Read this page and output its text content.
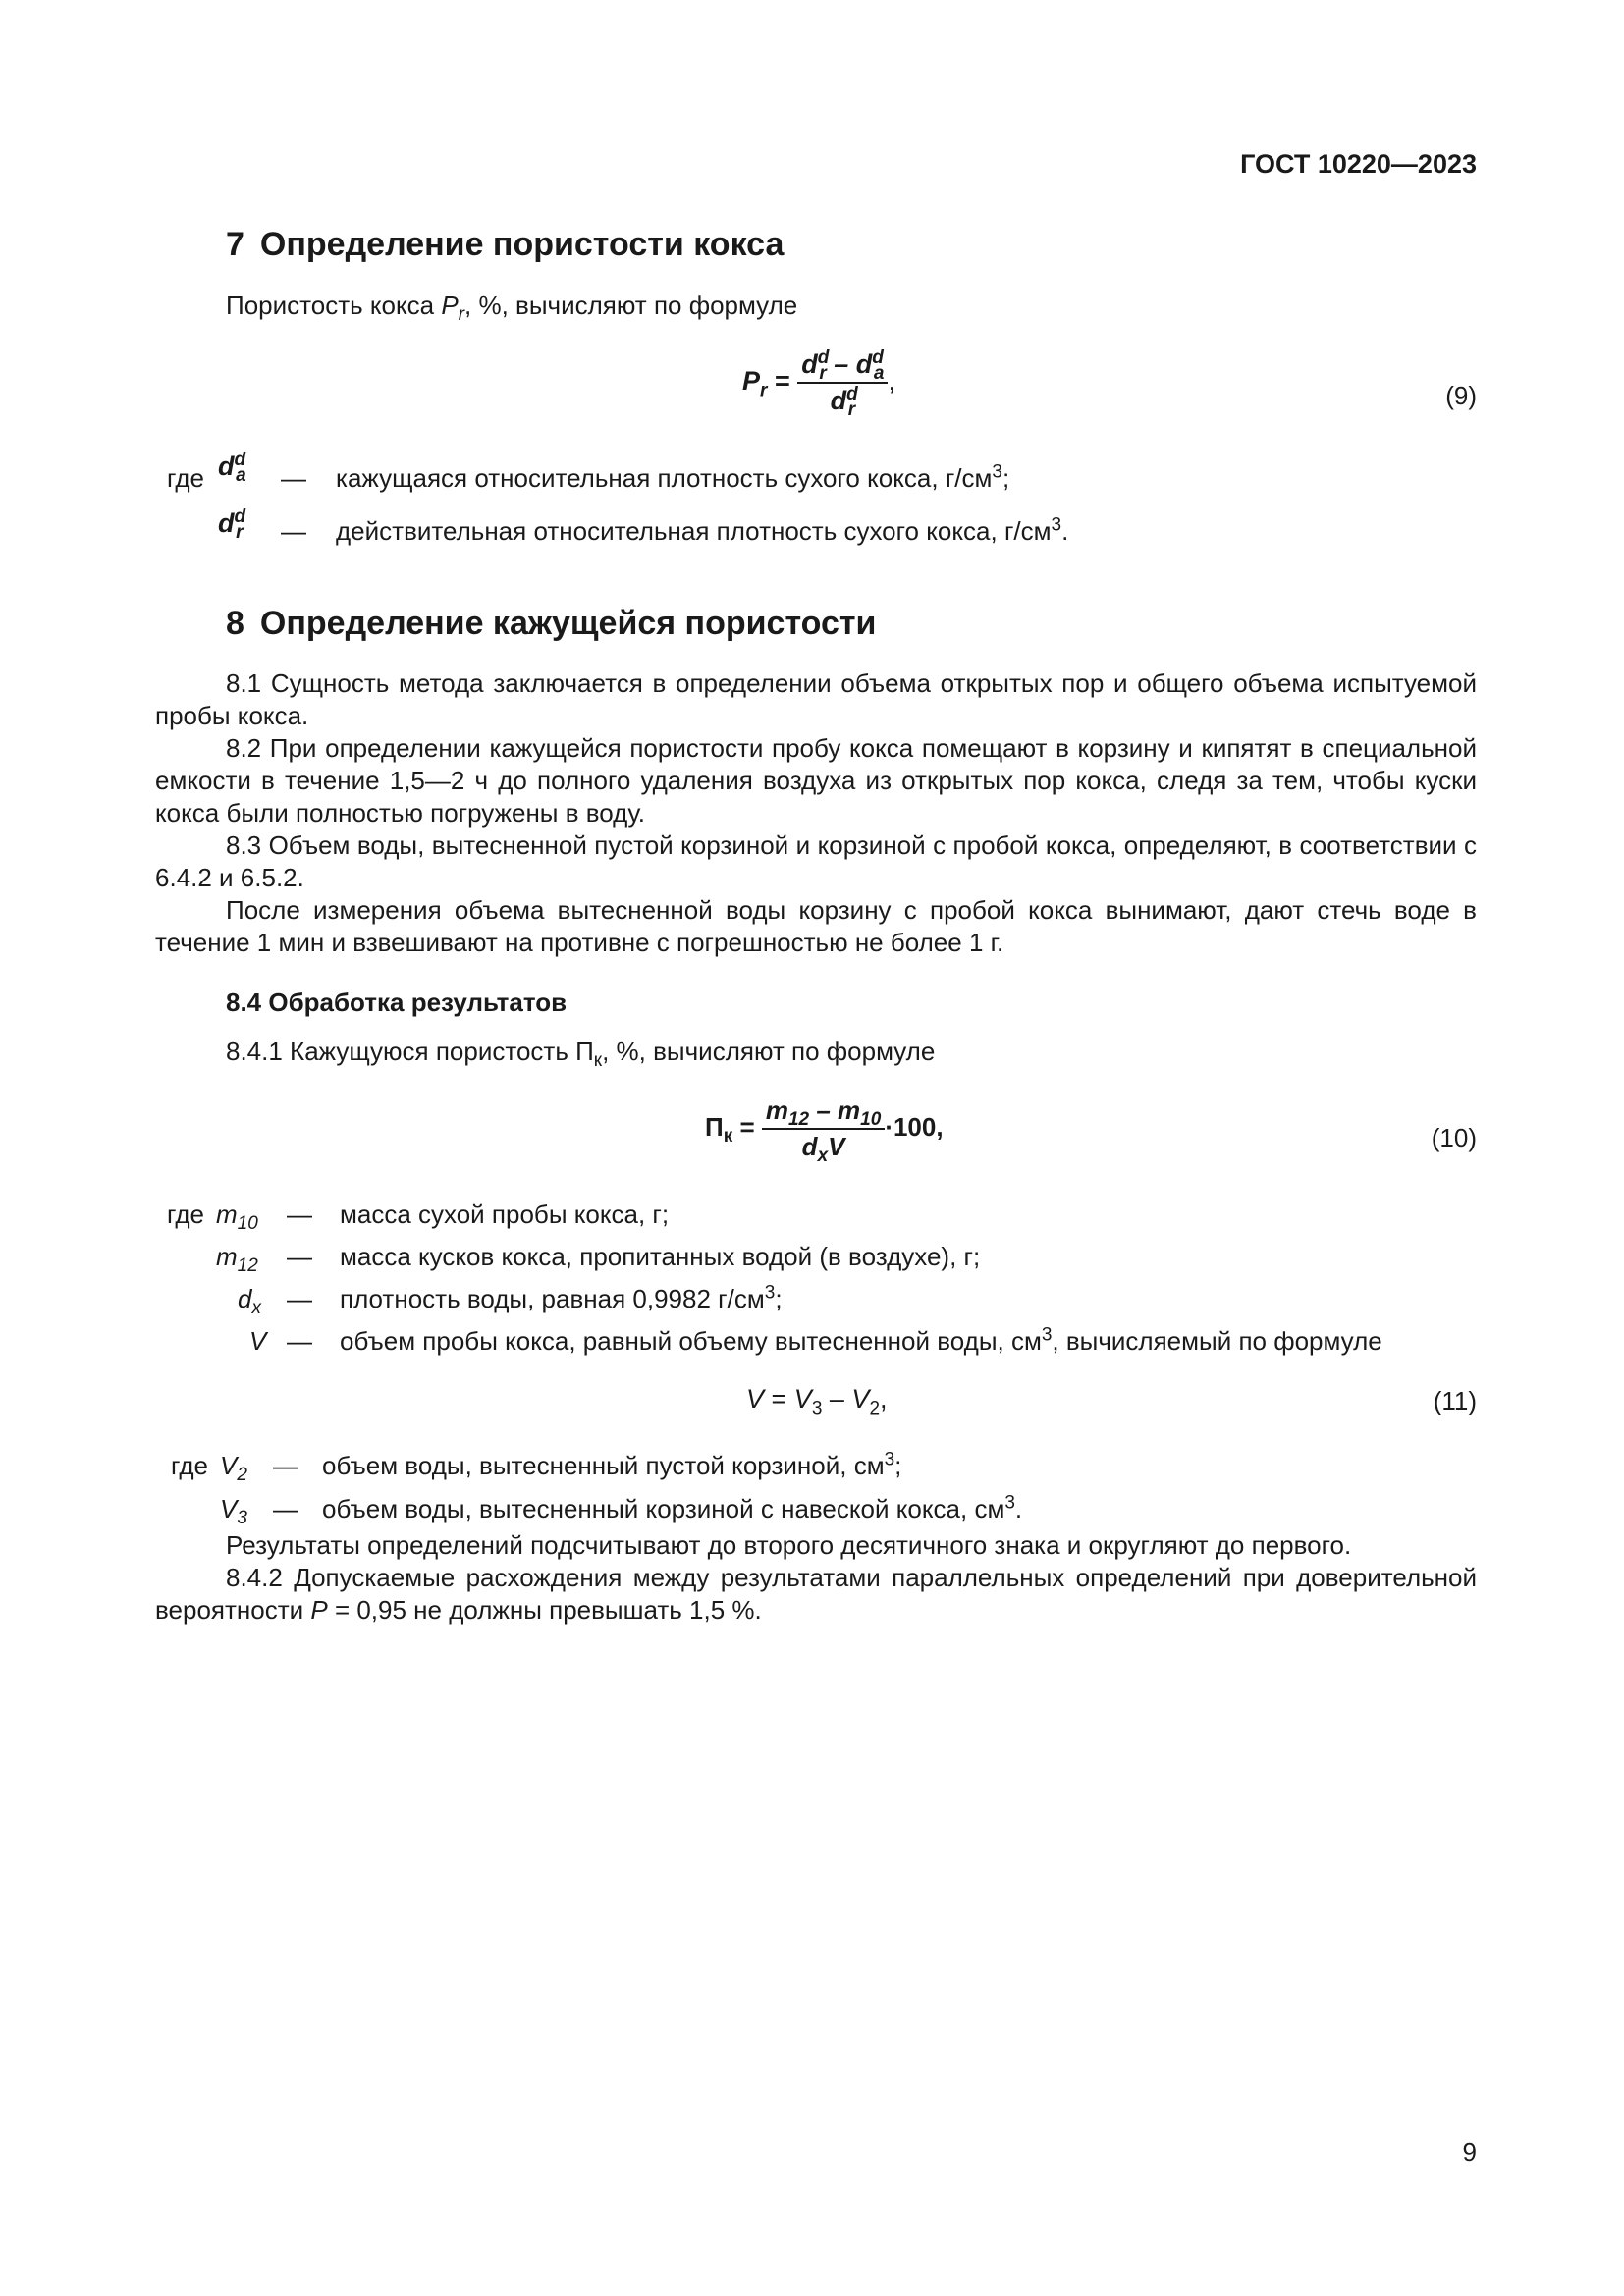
ГОСТ 10220—2023
7 Определение пористости кокса
Пористость кокса $P_r$, %, вычисляют по формуле
$P_r = \frac{d^d_r - d^d_a}{d^d_r}$ ,	(9)
где $d^d_a$ — кажущаяся относительная плотность сухого кокса, $г/см^3$;
$d^d_r$ — действительная относительная плотность сухого кокса, $г/см^3$.
8 Определение кажущейся пористости

8.1 Сущность метода заключается в определении объема открытых пор и общего объема испытуемой пробы кокса.

8.2 При определении кажущейся пористости пробу кокса помещают в корзину и кипятят в специальной емкости в течение 1,5—2 ч до полного удаления воздуха из открытых пор кокса, следя за тем, чтобы куски кокса были полностью погружены в воду.

8.3 Объем воды, вытесненной пустой корзиной и корзиной с пробой кокса, определяют, в соответствии с 6.4.2 и 6.5.2.

После измерения объема вытесненной воды корзину с пробой кокса вынимают, дают стечь воде в течение 1 мин и взвешивают на противне с погрешностью не более 1 г.

8.4 Обработка результатов
8.4.1 Кажущуюся пористость $П_к$, %, вычисляют по формуле
$П_к = \frac{m_{12} - m_{10}}{d_xV} \cdot 100$,	(10)
где $m_{10}$ — масса сухой пробы кокса, г;
$m_{12}$ — масса кусков кокса, пропитанных водой (в воздухе), г;
$d_x$ — плотность воды, равная 0,9982 $г/см^3$;
V — объем пробы кокса, равный объему вытесненной воды, $см^3$, вычисляемый по формуле
$V = V_3 - V_2$,	(11)
где $V_2$ — объем воды, вытесненный пустой корзиной, $см^3$;
$V_3$ — объем воды, вытесненный корзиной с навеской кокса, $см^3$.

Результаты определений подсчитывают до второго десятичного знака и округляют до первого.

8.4.2 Допускаемые расхождения между результатами параллельных определений при доверительной вероятности P = 0,95 не должны превышать 1,5 %.

9
